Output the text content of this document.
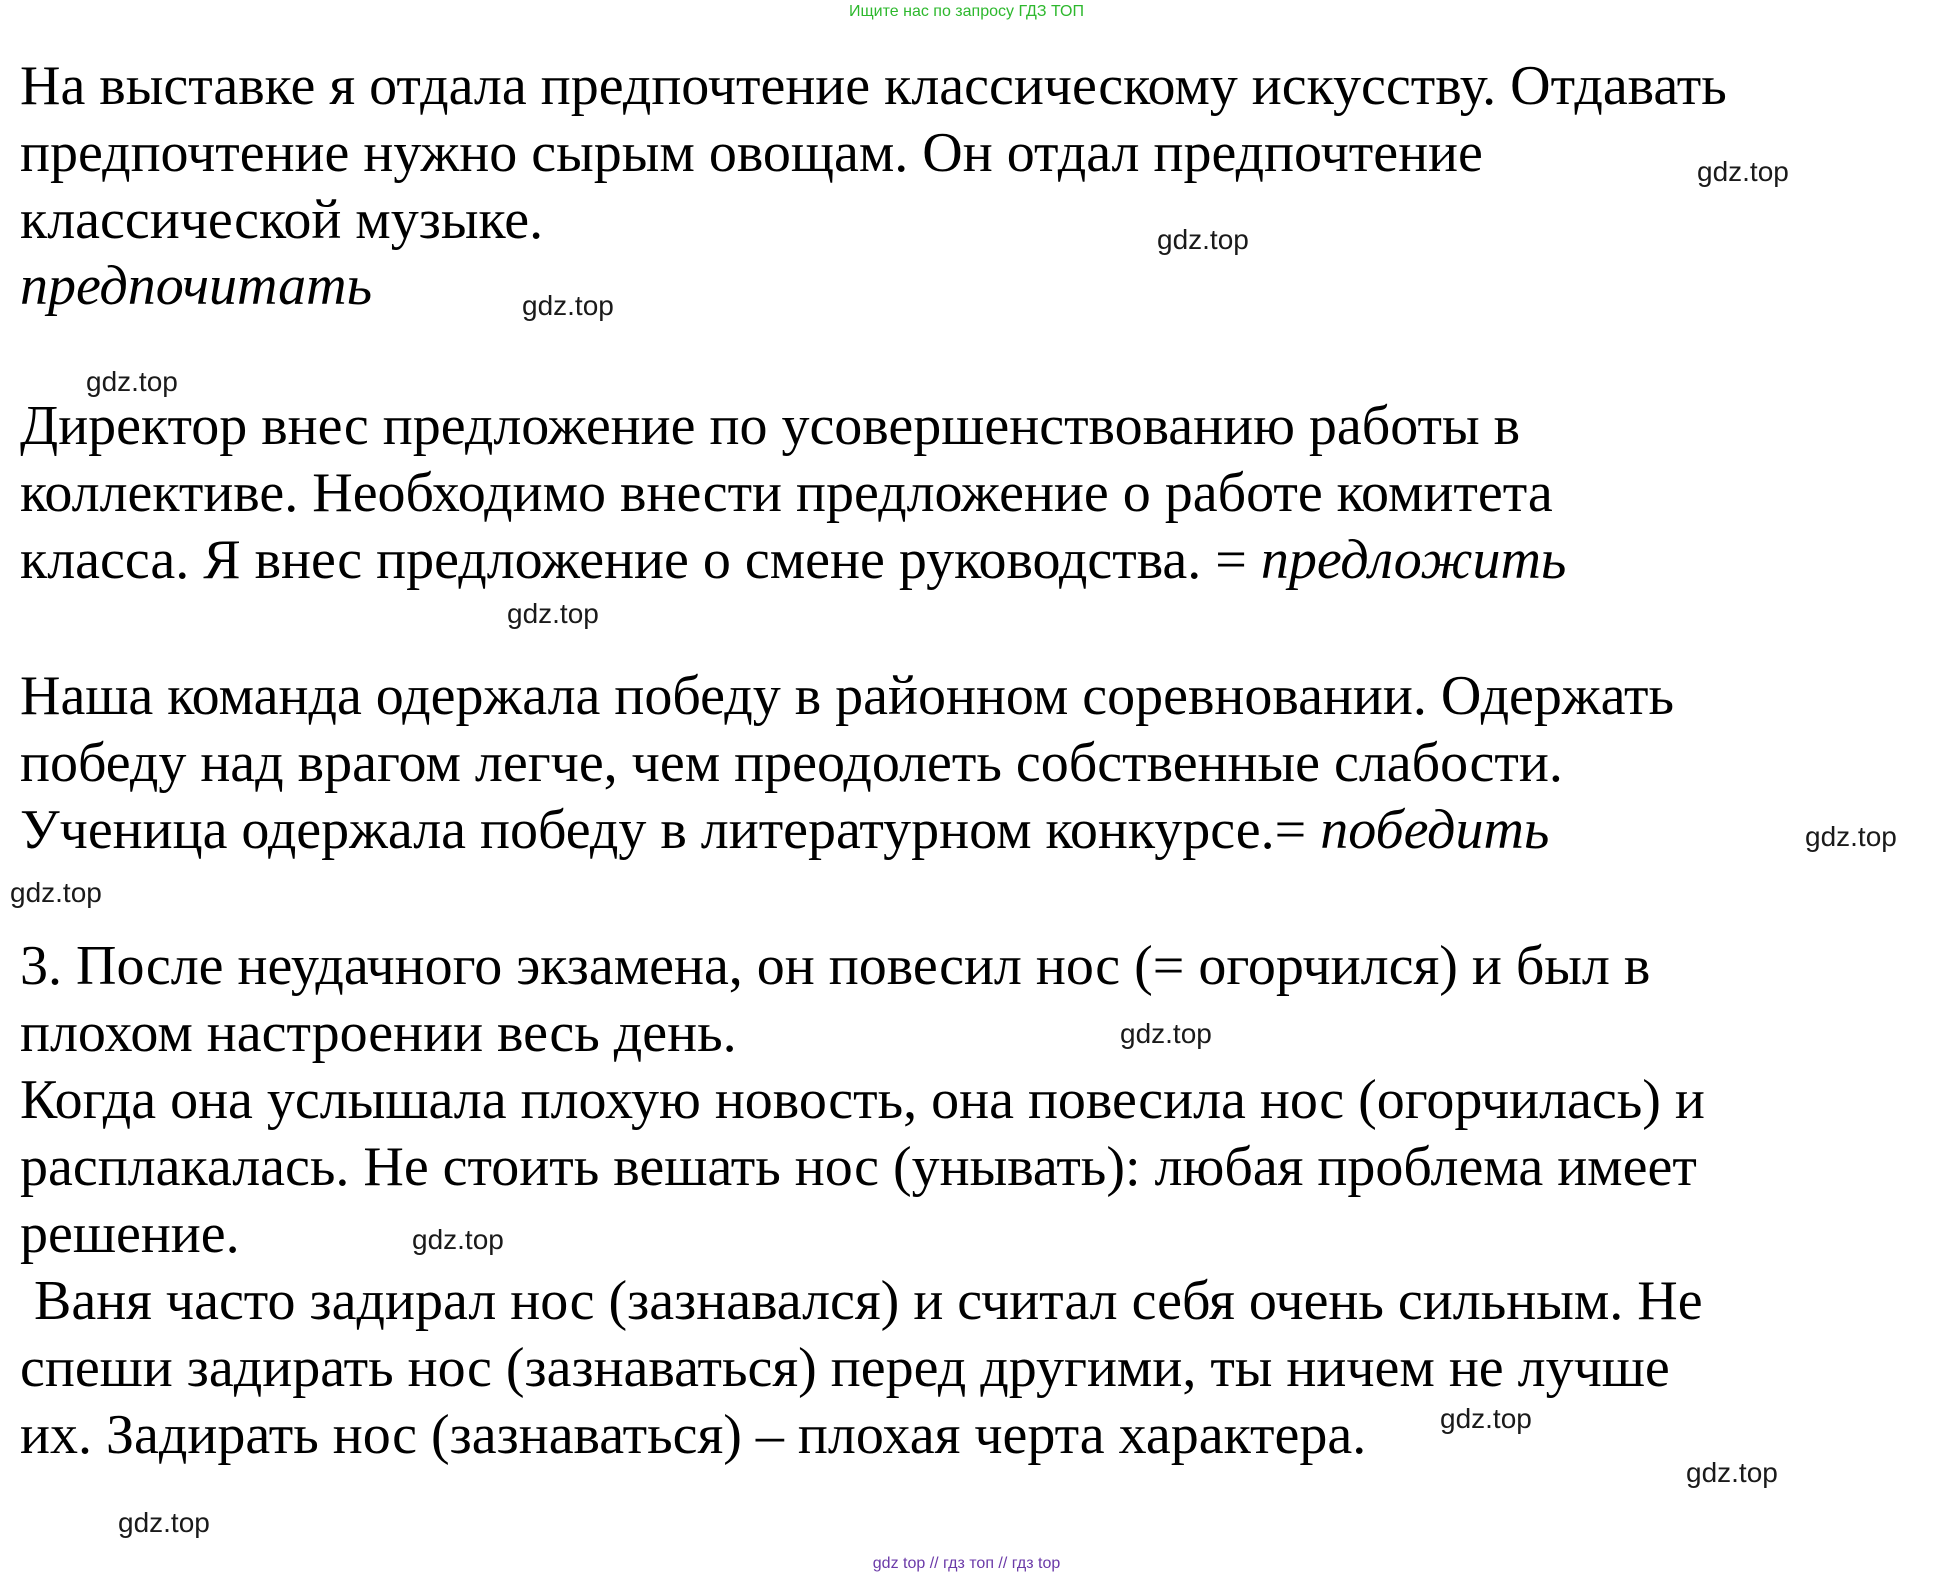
Ищите нас по запросу ГДЗ ТОП
На выставке я отдала предпочтение классическому искусству. Отдавать
предпочтение нужно сырым овощам. Он отдал предпочтение
классической музыке.
предпочитать
Директор внес предложение по усовершенствованию работы в
коллективе. Необходимо внести предложение о работе комитета
класса. Я внес предложение о смене руководства. = предложить
Наша команда одержала победу в районном соревновании. Одержать
победу над врагом легче, чем преодолеть собственные слабости.
Ученица одержала победу в литературном конкурсе.= победить
3. После неудачного экзамена, он повесил нос (= огорчился) и был в
плохом настроении весь день.
Когда она услышала плохую новость, она повесила нос (огорчилась) и
расплакалась. Не стоить вешать нос (унывать): любая проблема имеет
решение.
Ваня часто задирал нос (зазнавался) и считал себя очень сильным. Не
спеши задирать нос (зазнаваться) перед другими, ты ничем не лучше
их. Задирать нос (зазнаваться) – плохая черта характера.
gdz.top
gdz.top
gdz.top
gdz.top
gdz.top
gdz.top
gdz.top
gdz.top
gdz.top
gdz.top
gdz.top
gdz.top
gdz top // гдз топ // гдз top
